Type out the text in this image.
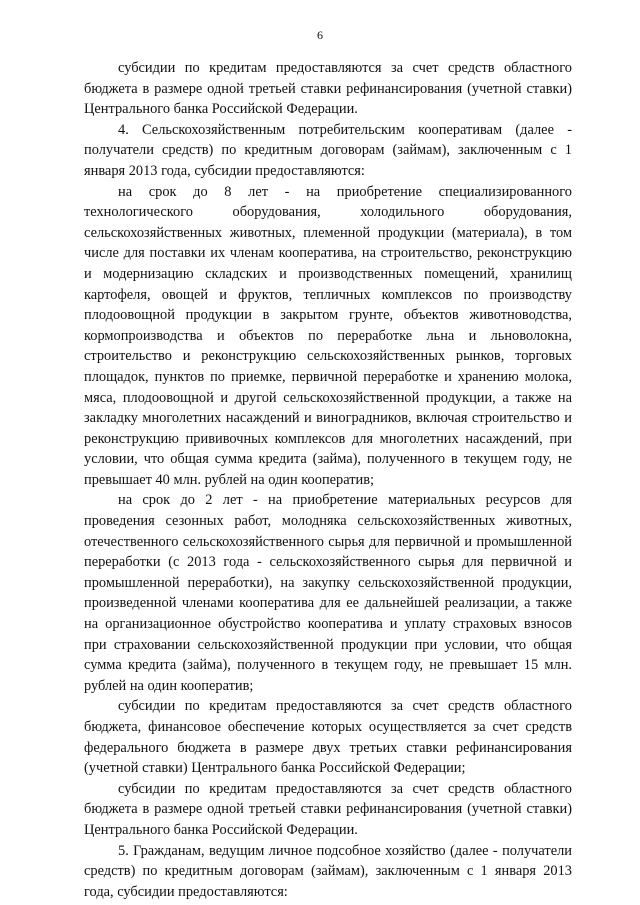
6

субсидии по кредитам предоставляются за счет средств областного бюджета в размере одной третьей ставки рефинансирования (учетной ставки) Центрального банка Российской Федерации.

4. Сельскохозяйственным потребительским кооперативам (далее - получатели средств) по кредитным договорам (займам), заключенным с 1 января 2013 года, субсидии предоставляются:

на срок до 8 лет - на приобретение специализированного технологического оборудования, холодильного оборудования, сельскохозяйственных животных, племенной продукции (материала), в том числе для поставки их членам кооператива, на строительство, реконструкцию и модернизацию складских и производственных помещений, хранилищ картофеля, овощей и фруктов, тепличных комплексов по производству плодоовощной продукции в закрытом грунте, объектов животноводства, кормопроизводства и объектов по переработке льна и льноволокна, строительство и реконструкцию сельскохозяйственных рынков, торговых площадок, пунктов по приемке, первичной переработке и хранению молока, мяса, плодоовощной и другой сельскохозяйственной продукции, а также на закладку многолетних насаждений и виноградников, включая строительство и реконструкцию прививочных комплексов для многолетних насаждений, при условии, что общая сумма кредита (займа), полученного в текущем году, не превышает 40 млн. рублей на один кооператив;

на срок до 2 лет - на приобретение материальных ресурсов для проведения сезонных работ, молодняка сельскохозяйственных животных, отечественного сельскохозяйственного сырья для первичной и промышленной переработки (с 2013 года - сельскохозяйственного сырья для первичной и промышленной переработки), на закупку сельскохозяйственной продукции, произведенной членами кооператива для ее дальнейшей реализации, а также на организационное обустройство кооператива и уплату страховых взносов при страховании сельскохозяйственной продукции при условии, что общая сумма кредита (займа), полученного в текущем году, не превышает 15 млн. рублей на один кооператив;

субсидии по кредитам предоставляются за счет средств областного бюджета, финансовое обеспечение которых осуществляется за счет средств федерального бюджета в размере двух третьих ставки рефинансирования (учетной ставки) Центрального банка Российской Федерации;

субсидии по кредитам предоставляются за счет средств областного бюджета в размере одной третьей ставки рефинансирования (учетной ставки) Центрального банка Российской Федерации.

5. Гражданам, ведущим личное подсобное хозяйство (далее - получатели средств) по кредитным договорам (займам), заключенным с 1 января 2013 года, субсидии предоставляются:
